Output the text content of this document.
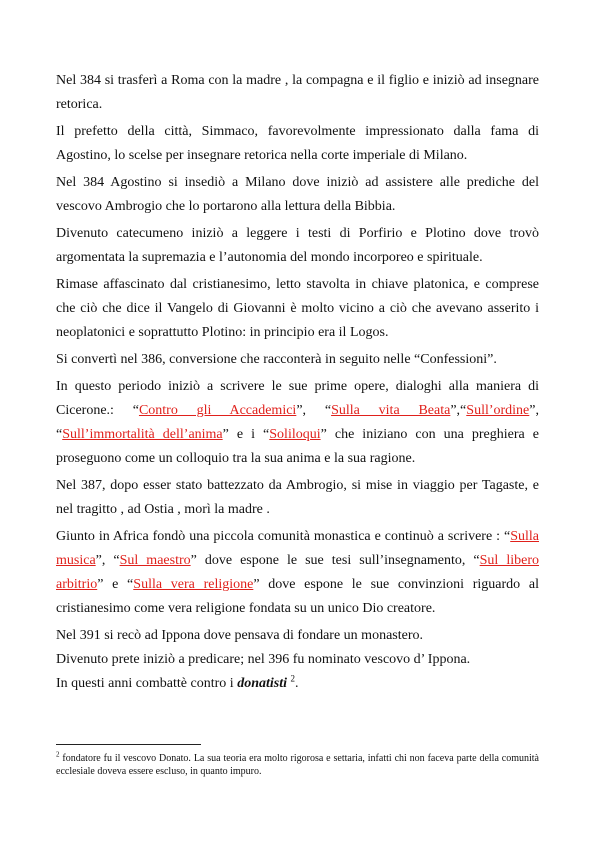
Nel 384 si trasferì a Roma con la madre , la compagna e il figlio e iniziò ad insegnare retorica.

Il prefetto della città, Simmaco, favorevolmente impressionato dalla fama di Agostino, lo scelse per insegnare retorica nella corte imperiale di Milano.

Nel 384 Agostino si insediò a Milano dove iniziò ad assistere alle prediche del vescovo Ambrogio che lo portarono alla lettura della Bibbia.

Divenuto catecumeno iniziò a leggere i testi di Porfirio e Plotino dove trovò argomentata la supremazia e l’autonomia del mondo incorporeo e spirituale.

Rimase affascinato dal cristianesimo, letto stavolta in chiave platonica, e comprese che ciò che dice il Vangelo di Giovanni è molto vicino a ciò che avevano asserito i neoplatonici e soprattutto Plotino: in principio era il Logos.

Si convertì nel 386, conversione che racconterà in seguito nelle “Confessioni”.

In questo periodo iniziò a scrivere le sue prime opere, dialoghi alla maniera di Cicerone.: “Contro gli Accademici”, “Sulla vita Beata”,“Sull’ordine”, “Sull’immortalità dell’anima” e i “Soliloqui” che iniziano con una preghiera e proseguono come un colloquio tra la sua anima e la sua ragione.

Nel 387, dopo esser stato battezzato da Ambrogio, si mise in viaggio per Tagaste, e nel tragitto , ad Ostia , morì la madre .

Giunto in Africa fondò una piccola comunità monastica e continuò a scrivere : “Sulla musica”, “Sul maestro” dove espone le sue tesi sull’insegnamento, “Sul libero arbitrio” e “Sulla vera religione” dove espone le sue convinzioni riguardo al cristianesimo come vera religione fondata su un unico Dio creatore.

Nel 391 si recò ad Ippona dove pensava di fondare un monastero.

Divenuto prete iniziò a predicare; nel 396 fu nominato vescovo d’ Ippona.

In questi anni combattè contro i donatisti $^2$.

$^2$ fondatore fu il vescovo Donato. La sua teoria era molto rigorosa e settaria, infatti chi non faceva parte della comunità ecclesiale doveva essere escluso, in quanto impuro.
